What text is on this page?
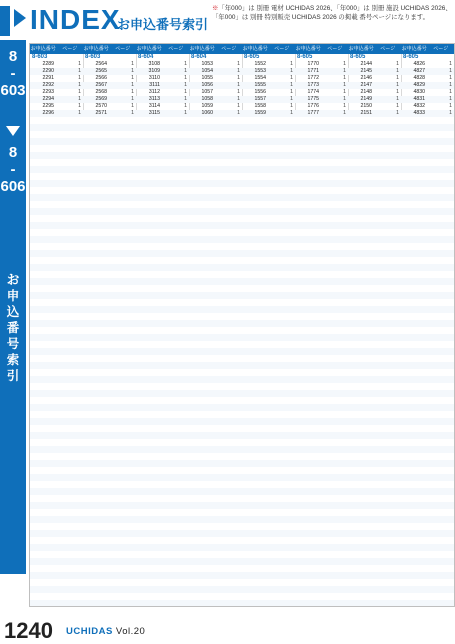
INDEX
お申込番号索引
※「年000」は 別冊 電材 UCHIDAS 2026、「年000」は 別冊 施設 UCHIDAS 2026、
「年000」は 別冊 特別販売 UCHIDAS 2026 の掲載 番号ページになります。
8
-
603
8
-
606
お
申
込
番
号
索
引
お申込番号	ページ
8-603
2289	1
2290	1
2291	1
2292	1
2293	1
2294	1
2295	1
2296	1
お申込番号	ページ
8-603
2564	1
2565	1
2566	1
2567	1
2568	1
2569	1
2570	1
2571	1
お申込番号	ページ
8-604
3108	1
3109	1
3110	1
3111	1
3112	1
3113	1
3114	1
3115	1
お申込番号	ページ
8-604
1053	1
1054	1
1055	1
1056	1
1057	1
1058	1
1059	1
1060	1
お申込番号	ページ
8-605
1552	1
1553	1
1554	1
1555	1
1556	1
1557	1
1558	1
1559	1
お申込番号	ページ
8-605
1770	1
1771	1
1772	1
1773	1
1774	1
1775	1
1776	1
1777	1
お申込番号	ページ
8-605
2144	1
2145	1
2146	1
2147	1
2148	1
2149	1
2150	1
2151	1
お申込番号	ページ
8-605
4826	1
4827	1
4828	1
4829	1
4830	1
4831	1
4832	1
4833	1
1240 UCHIDAS Vol.20
